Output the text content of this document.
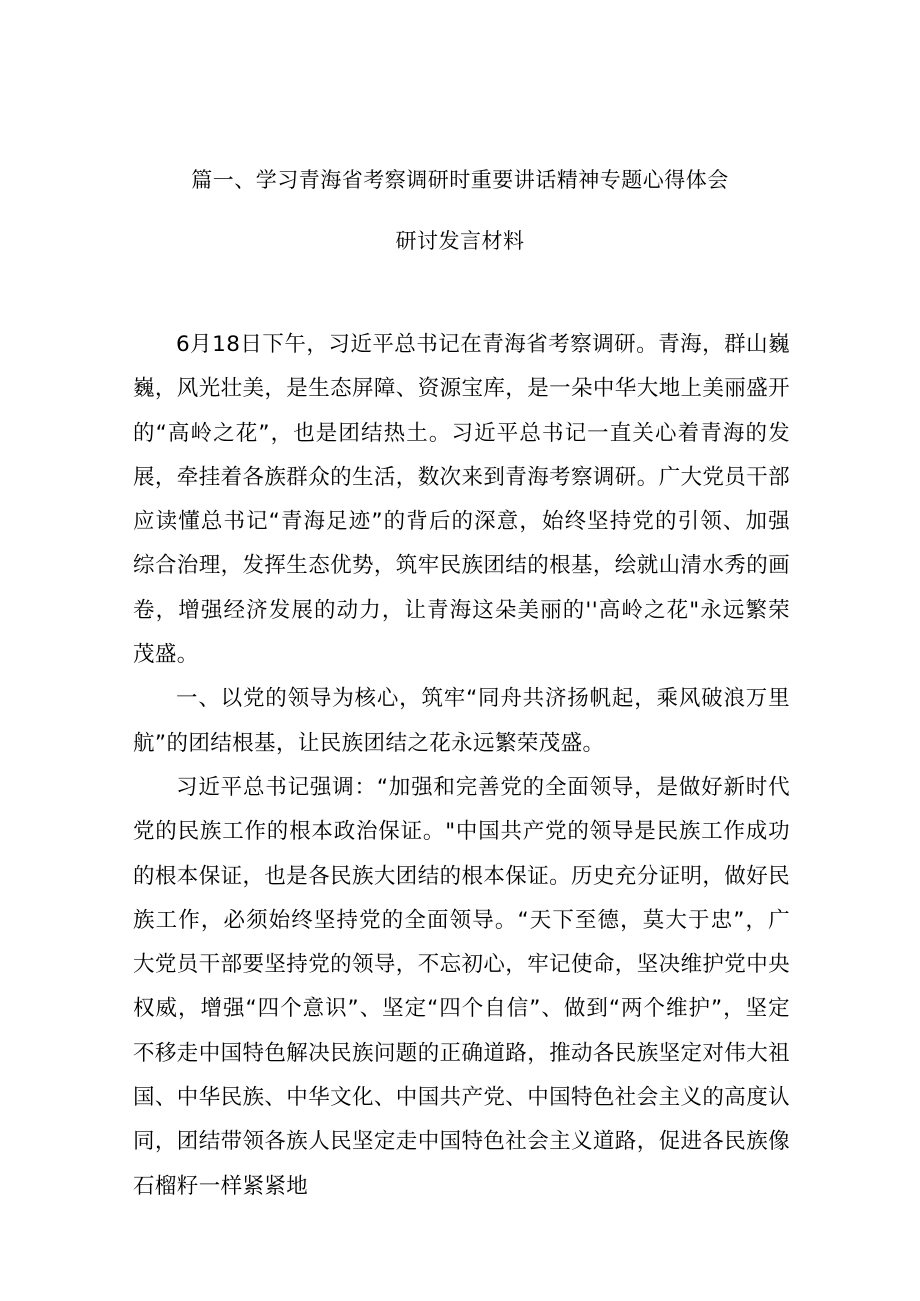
篇一、学习青海省考察调研时重要讲话精神专题心得体会
研讨发言材料

6月18日下午，习近平总书记在青海省考察调研。青海，群山巍巍，风光壮美，是生态屏障、资源宝库，是一朵中华大地上美丽盛开的“高岭之花”，也是团结热土。习近平总书记一直关心着青海的发展，牵挂着各族群众的生活，数次来到青海考察调研。广大党员干部应读懂总书记“青海足迹”的背后的深意，始终坚持党的引领、加强综合治理，发挥生态优势，筑牢民族团结的根基，绘就山清水秀的画卷，增强经济发展的动力，让青海这朵美丽的''高岭之花"永远繁荣茂盛。

一、以党的领导为核心，筑牢“同舟共济扬帆起，乘风破浪万里航”的团结根基，让民族团结之花永远繁荣茂盛。

习近平总书记强调：“加强和完善党的全面领导，是做好新时代党的民族工作的根本政治保证。"中国共产党的领导是民族工作成功的根本保证，也是各民族大团结的根本保证。历史充分证明，做好民族工作，必须始终坚持党的全面领导。“天下至德，莫大于忠”，广大党员干部要坚持党的领导，不忘初心，牢记使命，坚决维护党中央权威，增强“四个意识”、坚定“四个自信”、做到“两个维护”，坚定不移走中国特色解决民族问题的正确道路，推动各民族坚定对伟大祖国、中华民族、中华文化、中国共产党、中国特色社会主义的高度认同，团结带领各族人民坚定走中国特色社会主义道路，促进各民族像石榴籽一样紧紧地
